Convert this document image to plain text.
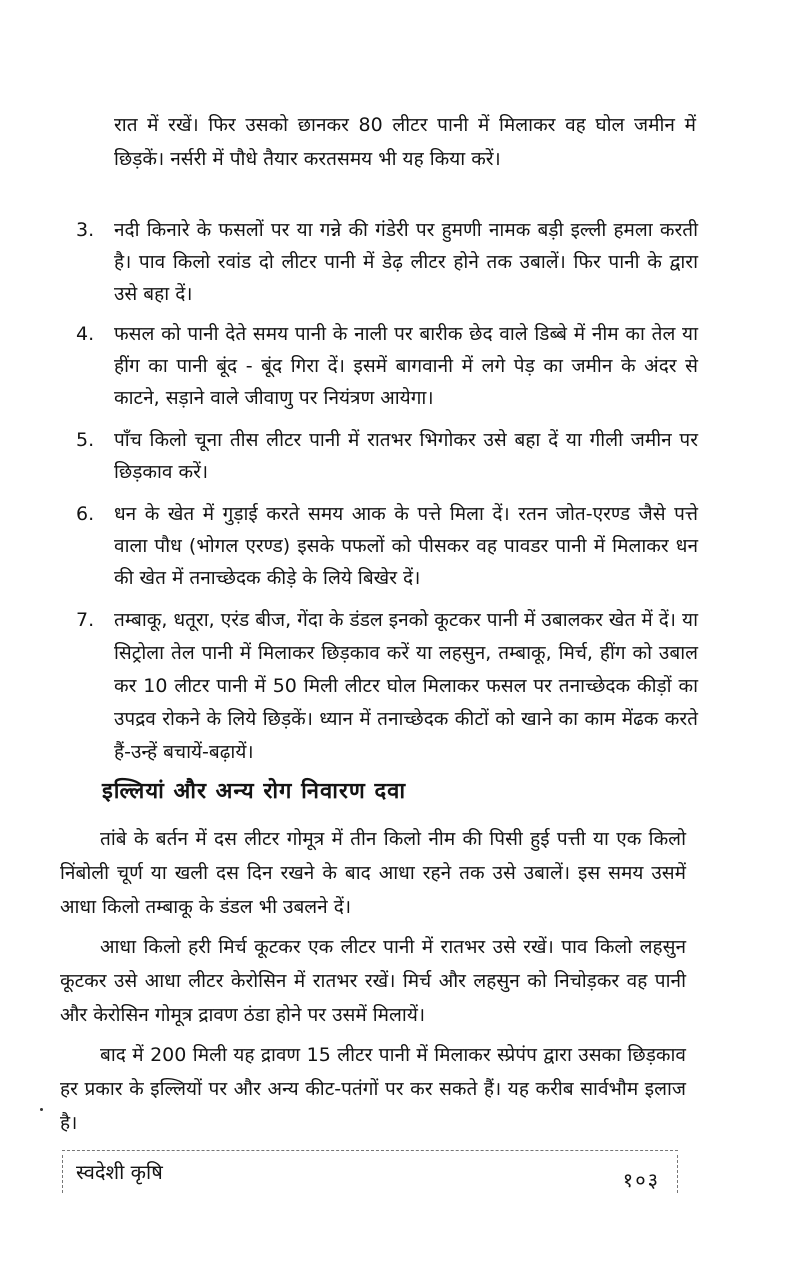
रात में रखें। फिर उसको छानकर 80 लीटर पानी में मिलाकर वह घोल जमीन में छिड़कें। नर्सरी में पौधे तैयार करतसमय भी यह किया करें।
3.	नदी किनारे के फसलों पर या गन्ने की गंडेरी पर हुमणी नामक बड़ी इल्ली हमला करती है। पाव किलो रवांड दो लीटर पानी में डेढ़ लीटर होने तक उबालें। फिर पानी के द्वारा उसे बहा दें।
4.	फसल को पानी देते समय पानी के नाली पर बारीक छेद वाले डिब्बे में नीम का तेल या हींग का पानी बूंद - बूंद गिरा दें। इसमें बागवानी में लगे पेड़ का जमीन के अंदर से काटने, सड़ाने वाले जीवाणु पर नियंत्रण आयेगा।
5.	पाँच किलो चूना तीस लीटर पानी में रातभर भिगोकर उसे बहा दें या गीली जमीन पर छिड़काव करें।
6.	धन के खेत में गुड़ाई करते समय आक के पत्ते मिला दें। रतन जोत-एरण्ड जैसे पत्ते वाला पौध (भोगल एरण्ड) इसके पफलों को पीसकर वह पावडर पानी में मिलाकर धन की खेत में तनाच्छेदक कीड़े के लिये बिखेर दें।
7.	तम्बाकू, धतूरा, एरंड बीज, गेंदा के डंडल इनको कूटकर पानी में उबालकर खेत में दें। या सिट्रोला तेल पानी में मिलाकर छिड़काव करें या लहसुन, तम्बाकू, मिर्च, हींग को उबाल कर 10 लीटर पानी में 50 मिली लीटर घोल मिलाकर फसल पर तनाच्छेदक कीड़ों का उपद्रव रोकने के लिये छिड़कें। ध्यान में तनाच्छेदक कीटों को खाने का काम मेंढक करते हैं-उन्हें बचायें-बढ़ायें।
इल्लियां और अन्य रोग निवारण दवा
तांबे के बर्तन में दस लीटर गोमूत्र में तीन किलो नीम की पिसी हुई पत्ती या एक किलो निंबोली चूर्ण या खली दस दिन रखने के बाद आधा रहने तक उसे उबालें। इस समय उसमें आधा किलो तम्बाकू के डंडल भी उबलने दें।
आधा किलो हरी मिर्च कूटकर एक लीटर पानी में रातभर उसे रखें। पाव किलो लहसुन कूटकर उसे आधा लीटर केरोसिन में रातभर रखें। मिर्च और लहसुन को निचोड़कर वह पानी और केरोसिन गोमूत्र द्रावण ठंडा होने पर उसमें मिलायें।
बाद में 200 मिली यह द्रावण 15 लीटर पानी में मिलाकर स्प्रेपंप द्वारा उसका छिड़काव हर प्रकार के इल्लियों पर और अन्य कीट-पतंगों पर कर सकते हैं। यह करीब सार्वभौम इलाज है।
स्वदेशी कृषि	१०३
